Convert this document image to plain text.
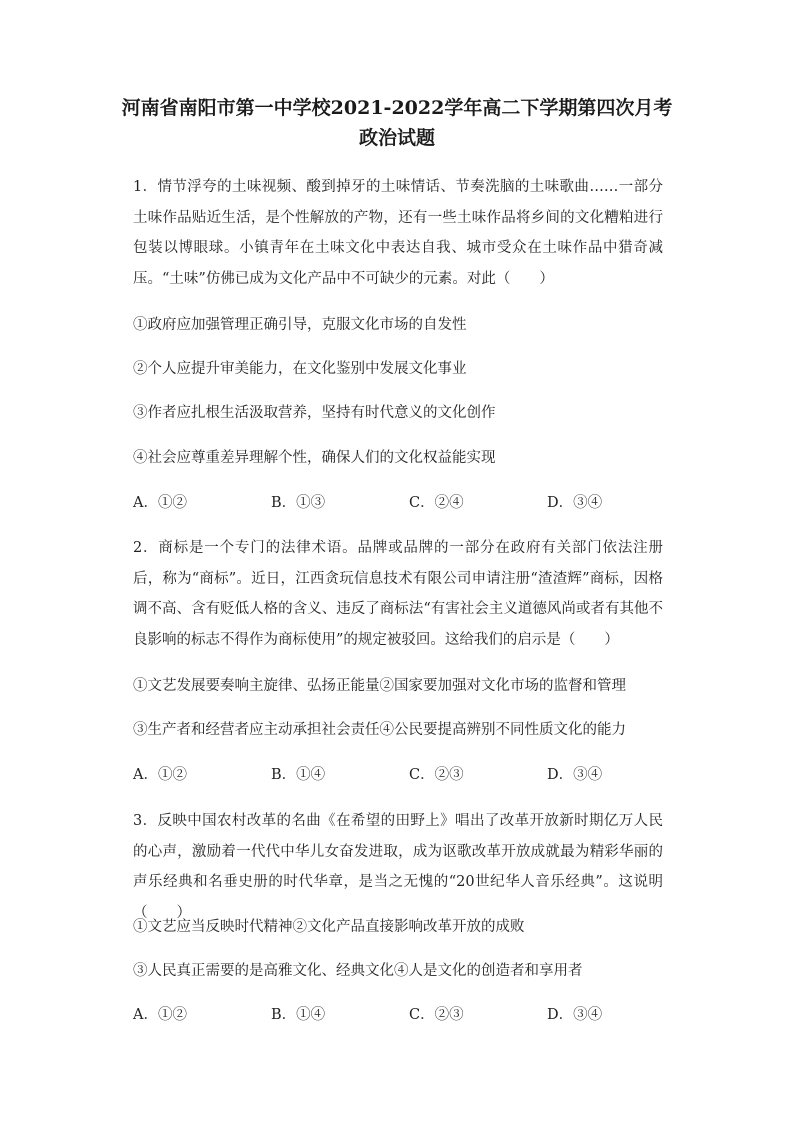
河南省南阳市第一中学校2021-2022学年高二下学期第四次月考
政治试题

1．情节浮夸的土味视频、酸到掉牙的土味情话、节奏洗脑的土味歌曲……一部分土味作品贴近生活，是个性解放的产物，还有一些土味作品将乡间的文化糟粕进行包装以博眼球。小镇青年在土味文化中表达自我、城市受众在土味作品中猎奇减压。“土味”仿佛已成为文化产品中不可缺少的元素。对此（　　）

①政府应加强管理正确引导，克服文化市场的自发性
②个人应提升审美能力，在文化鉴别中发展文化事业
③作者应扎根生活汲取营养，坚持有时代意义的文化创作
④社会应尊重差异理解个性，确保人们的文化权益能实现
A．①②	B．①③	C．②④	D．③④

2．商标是一个专门的法律术语。品牌或品牌的一部分在政府有关部门依法注册后，称为“商标”。近日，江西贪玩信息技术有限公司申请注册“渣渣辉”商标，因格调不高、含有贬低人格的含义、违反了商标法“有害社会主义道德风尚或者有其他不良影响的标志不得作为商标使用”的规定被驳回。这给我们的启示是（　　）

①文艺发展要奏响主旋律、弘扬正能量②国家要加强对文化市场的监督和管理
③生产者和经营者应主动承担社会责任④公民要提高辨别不同性质文化的能力
A．①②	B．①④	C．②③	D．③④

3．反映中国农村改革的名曲《在希望的田野上》唱出了改革开放新时期亿万人民的心声，激励着一代代中华儿女奋发进取，成为讴歌改革开放成就最为精彩华丽的声乐经典和名垂史册的时代华章，是当之无愧的“20世纪华人音乐经典”。这说明（　　）

①文艺应当反映时代精神②文化产品直接影响改革开放的成败
③人民真正需要的是高雅文化、经典文化④人是文化的创造者和享用者
A．①②	B．①④	C．②③	D．③④
